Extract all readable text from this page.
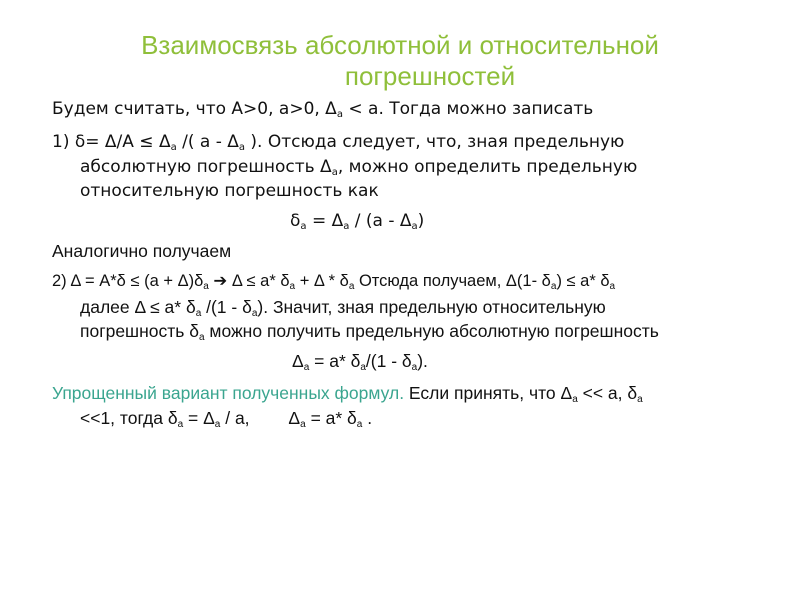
Взаимосвязь абсолютной и относительной
погрешностей
Будем считать, что A>0, a>0, $\Delta_a < a$. Тогда можно записать
1) $\delta= \Delta/A \le \Delta_a$ /( a - $\Delta_a$ ). Отсюда следует, что, зная предельную
абсолютную погрешность $\Delta_a$, можно определить предельную
относительную погрешность как
$\delta_a = \Delta_a / (a - \Delta_a)$
Аналогично получаем
2) $\Delta = A*\delta \le (a + \Delta)\delta_a$ ➔ Δ ≤ a* $\delta_a + \Delta * \delta_a$ Отсюда получаем, Δ(1- $\delta_a) \le a*$ $\delta_a$
далее Δ ≤ a* $\delta_a$ $/(1 - \delta_a)$. Значит, зная предельную относительную
погрешность $\delta_a$ можно получить предельную абсолютную погрешность
$\Delta_a = a*$ $\delta_a/(1 - \delta_a)$.
Упрощенный вариант полученных формул. Если принять, что $\Delta_a << a$, $\delta_a$
<<1, тогда $\delta_a = \Delta_a / a$,        $\Delta_a = a*$ $\delta_a$ .
